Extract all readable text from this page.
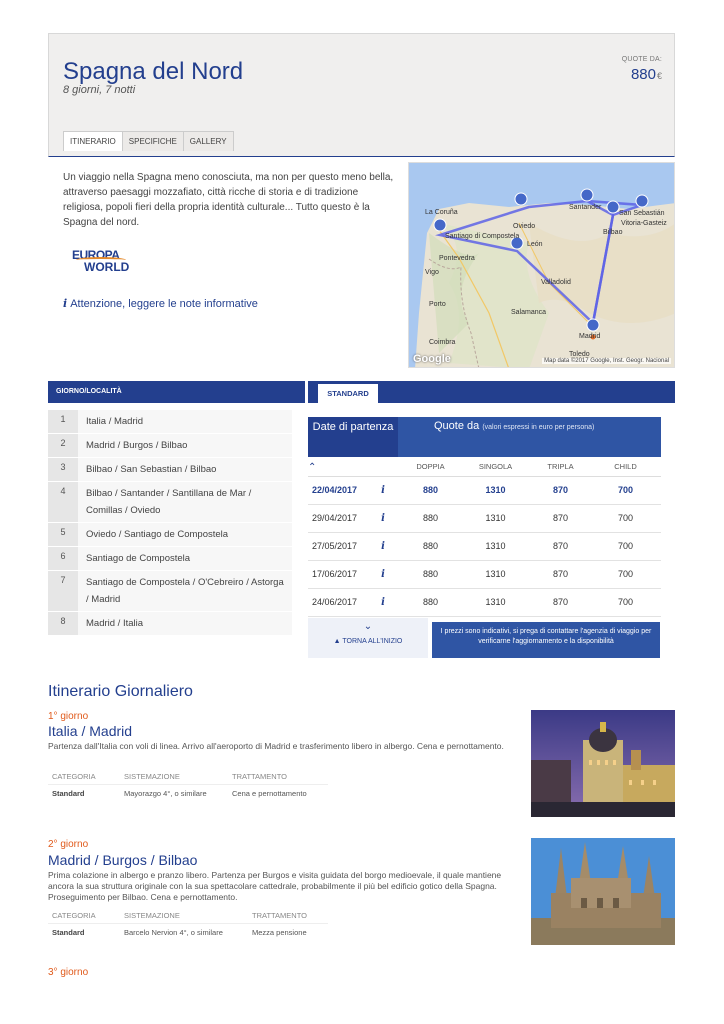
Spagna del Nord
8 giorni, 7 notti
QUOTE DA:
880€
ITINERARIO	SPECIFICHE	GALLERY
Un viaggio nella Spagna meno conosciuta, ma non per questo meno bella, attraverso paesaggi mozzafiato, città ricche di storia e di tradizione religiosa, popoli fieri della propria identità culturale... Tutto questo è la Spagna del nord.
EUROPA
WORLD
i Attenzione, leggere le note informative
La Coruña
Santiago di Compostela
Pontevedra
Vigo
Oviedo
León
Santander
Bilbao
San Sebastián
Vitoria-Gasteiz
Valladolid
Porto
Salamanca
Madrid
Coimbra
Toledo
Google	Map data ©2017 Google, Inst. Geogr. Nacional
GIORNO/LOCALITÀ
1	Italia / Madrid
2	Madrid / Burgos / Bilbao
3	Bilbao / San Sebastian / Bilbao
4	Bilbao / Santander / Santillana de Mar / Comillas / Oviedo
5	Oviedo / Santiago de Compostela
6	Santiago de Compostela
7	Santiago de Compostela / O'Cebreiro / Astorga / Madrid
8	Madrid / Italia
STANDARD
Date di partenza	Quote da (valori espressi in euro per persona)
⌃	DOPPIA	SINGOLA	TRIPLA	CHILD
22/04/2017	i	880	1310	870	700
29/04/2017	i	880	1310	870	700
27/05/2017	i	880	1310	870	700
17/06/2017	i	880	1310	870	700
24/06/2017	i	880	1310	870	700
⌄
▲ TORNA ALL'INIZIO
I prezzi sono indicativi, si prega di contattare l'agenzia di viaggio per verificarne l'aggiornamento e la disponibilità
Itinerario Giornaliero
1° giorno
Italia / Madrid
Partenza dall'Italia con voli di linea. Arrivo all'aeroporto di Madrid e trasferimento libero in albergo. Cena e pernottamento.
CATEGORIA	SISTEMAZIONE	TRATTAMENTO
Standard	Mayorazgo 4°, o similare	Cena e pernottamento
2° giorno
Madrid / Burgos / Bilbao
Prima colazione in albergo e pranzo libero. Partenza per Burgos e visita guidata del borgo medioevale, il quale mantiene ancora la sua struttura originale con la sua spettacolare cattedrale, probabilmente il più bel edificio gotico della Spagna. Proseguimento per Bilbao. Cena e pernottamento.
CATEGORIA	SISTEMAZIONE	TRATTAMENTO
Standard	Barcelo Nervion 4°, o similare	Mezza pensione
3° giorno
